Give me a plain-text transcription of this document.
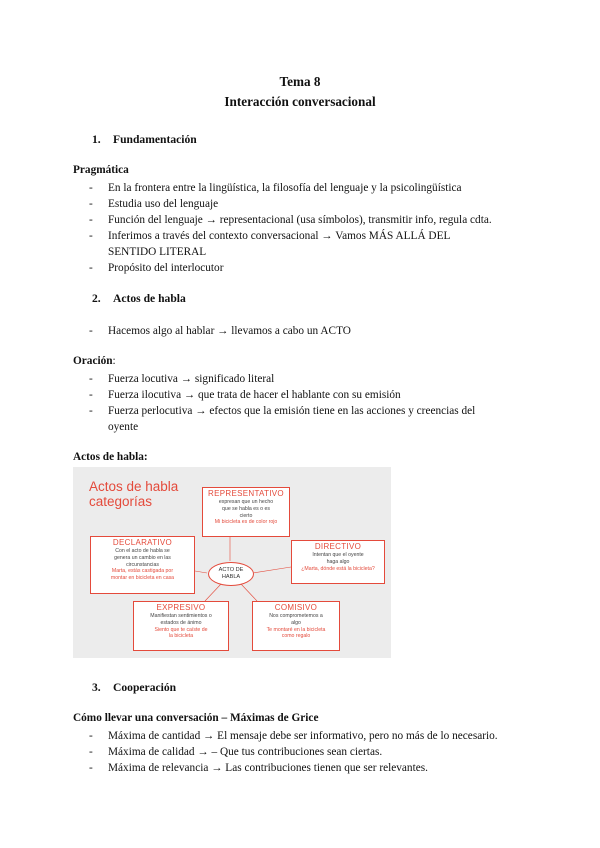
Tema 8
Interacción conversacional
1. Fundamentación
Pragmática
- En la frontera entre la lingüística, la filosofía del lenguaje y la psicolingüística
- Estudia uso del lenguaje
- Función del lenguaje → representacional (usa símbolos), transmitir info, regula cdta.
- Inferimos a través del contexto conversacional → Vamos MÁS ALLÁ DEL
SENTIDO LITERAL
- Propósito del interlocutor
2. Actos de habla
- Hacemos algo al hablar → llevamos a cabo un ACTO
Oración:
- Fuerza locutiva → significado literal
- Fuerza ilocutiva → que trata de hacer el hablante con su emisión
- Fuerza perlocutiva → efectos que la emisión tiene en las acciones y creencias del
oyente
Actos de habla:
Actos de habla
categorías
REPRESENTATIVO
expresan que un hecho
que se habla es o es
cierto
Mi bicicleta es de color rojo
DECLARATIVO
Con el acto de habla se
genera un cambio en las
circunstancias
Marta, estás castigada por
montar en bicicleta en casa
ACTO DE
HABLA
DIRECTIVO
Intentan que el oyente
haga algo
¿Marta, dónde está la bicicleta?
EXPRESIVO
Manifiestan sentimientos o
estados de ánimo
Siento que te caíste de
la bicicleta
COMISIVO
Nos comprometemos a
algo
Te montaré en la bicicleta
como regalo
3. Cooperación
Cómo llevar una conversación – Máximas de Grice
- Máxima de cantidad → El mensaje debe ser informativo, pero no más de lo necesario.
- Máxima de calidad → – Que tus contribuciones sean ciertas.
- Máxima de relevancia → Las contribuciones tienen que ser relevantes.
